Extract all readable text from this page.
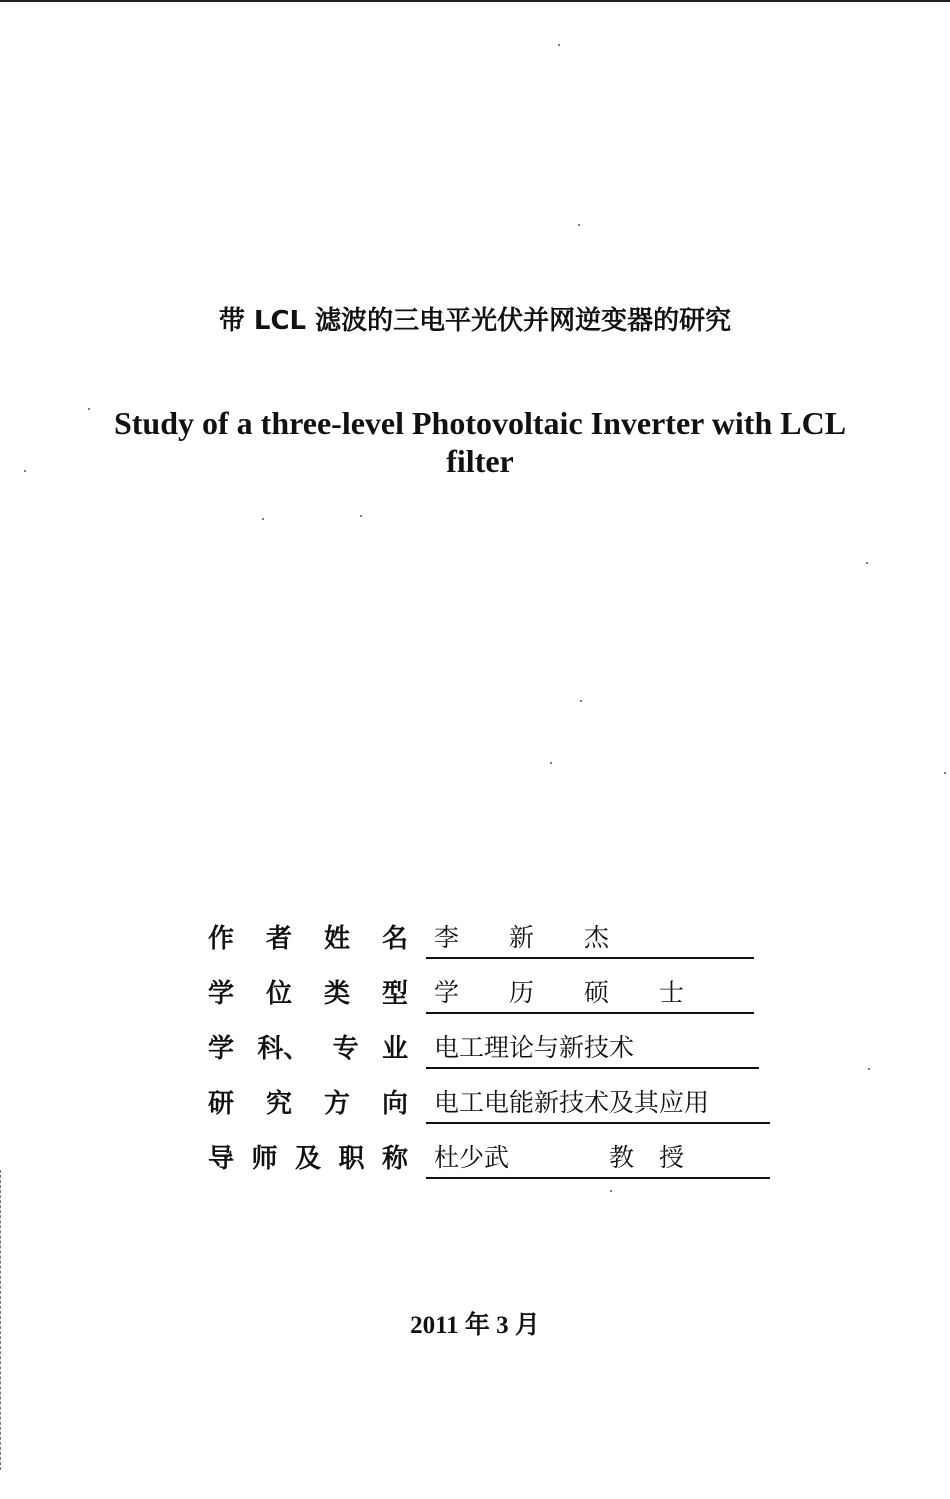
带 LCL 滤波的三电平光伏并网逆变器的研究
Study of a three-level Photovoltaic Inverter with LCL filter
作 者 姓 名	李　　新　　杰　　　　
学 位 类 型	学　　历　　硕　　士　　
学 科、 专 业	电工理论与新技术　　　
研 究 方 向	电工电能新技术及其应用
导 师 及 职 称	杜少武　　　　教　授　　　
2011 年 3 月
